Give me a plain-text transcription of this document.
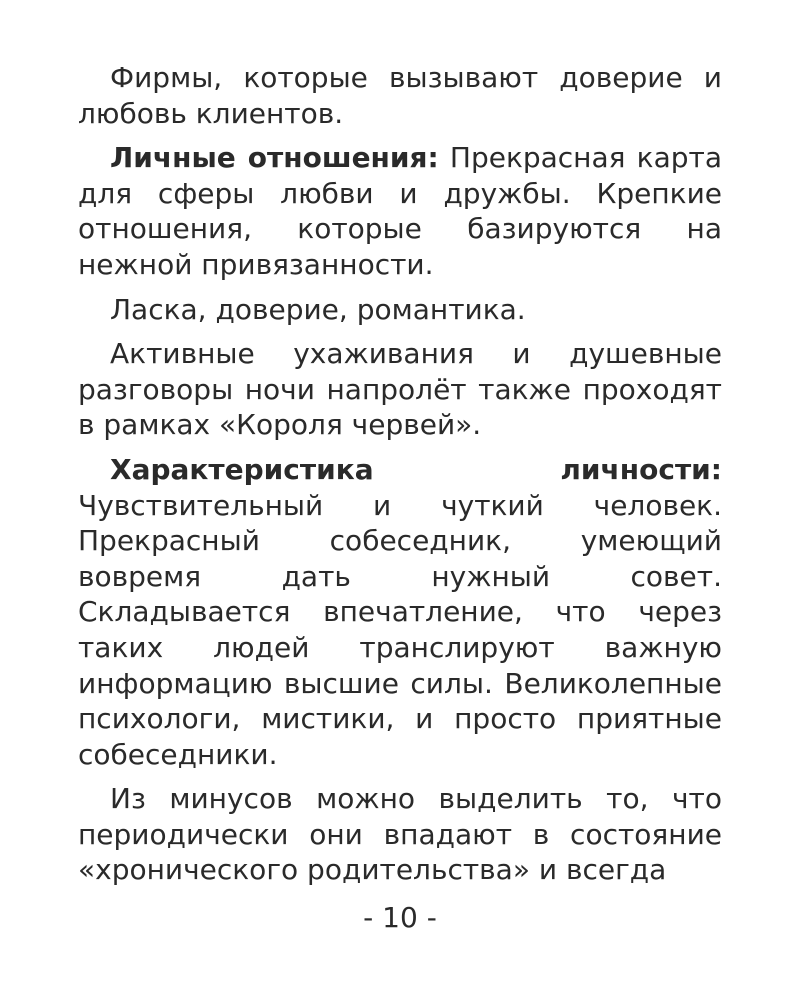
Фирмы, которые вызывают доверие и любовь клиентов.

Личные отношения: Прекрасная карта для сферы любви и дружбы. Крепкие отношения, которые базируются на нежной привязанности.

Ласка, доверие, романтика.

Активные ухаживания и душевные разговоры ночи напролёт также проходят в рамках «Короля червей».

Характеристика личности: Чувствительный и чуткий человек. Прекрасный собеседник, умеющий вовремя дать нужный совет. Складывается впечатление, что через таких людей транслируют важную информацию высшие силы. Великолепные психологи, мистики, и просто приятные собеседники.

Из минусов можно выделить то, что периодически они впадают в состояние «хронического родительства» и всегда

- 10 -
